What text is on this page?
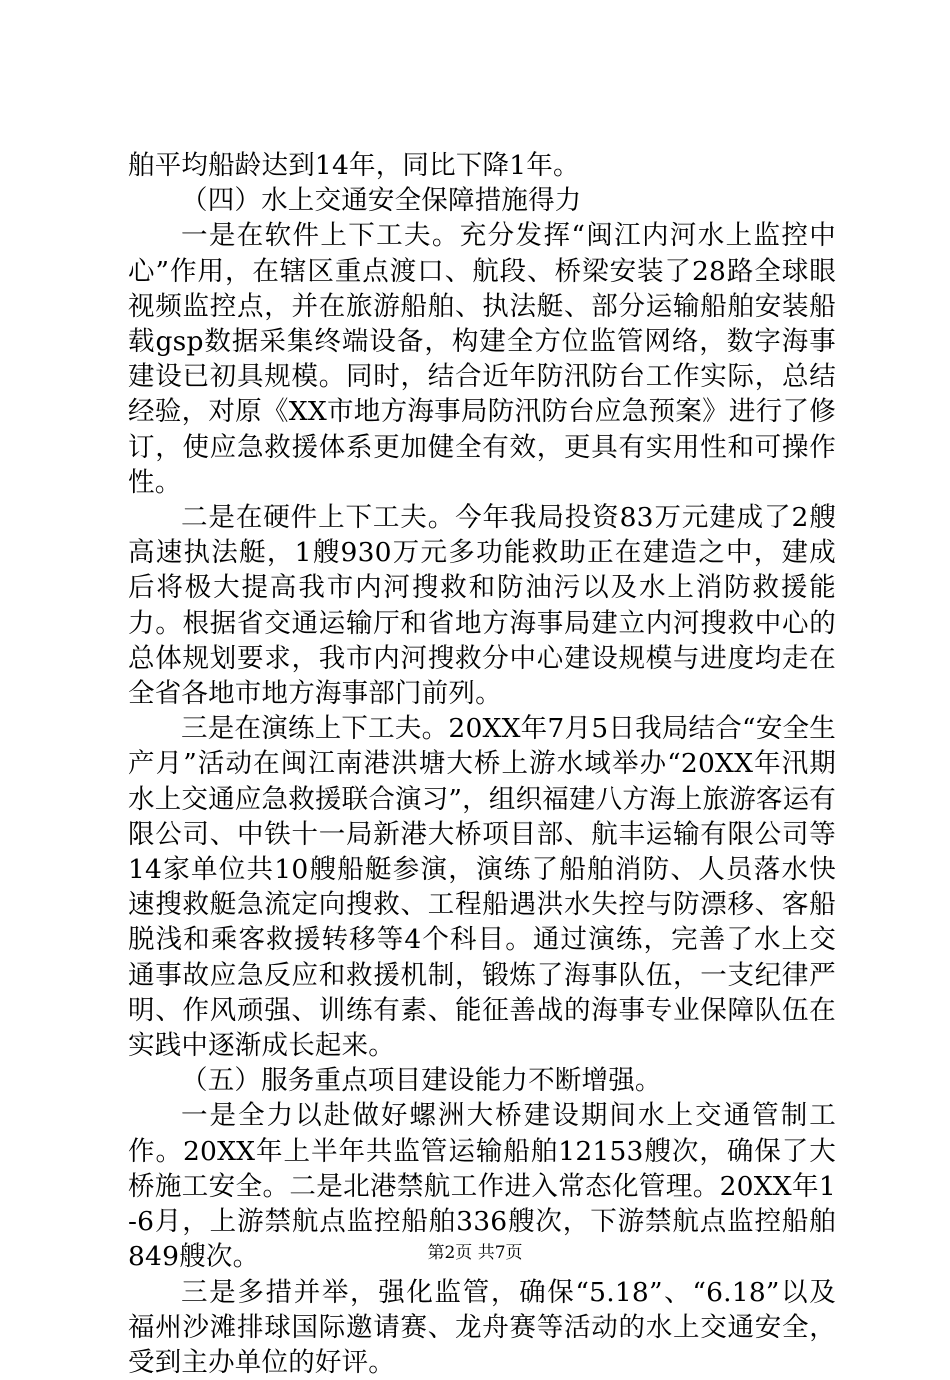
舶平均船龄达到14年，同比下降1年。

（四）水上交通安全保障措施得力

一是在软件上下工夫。充分发挥“闽江内河水上监控中心”作用，在辖区重点渡口、航段、桥梁安装了28路全球眼视频监控点，并在旅游船舶、执法艇、部分运输船舶安装船载gsp数据采集终端设备，构建全方位监管网络，数字海事建设已初具规模。同时，结合近年防汛防台工作实际，总结经验，对原《XX市地方海事局防汛防台应急预案》进行了修订，使应急救援体系更加健全有效，更具有实用性和可操作性。

二是在硬件上下工夫。今年我局投资83万元建成了2艘高速执法艇，1艘930万元多功能救助正在建造之中，建成后将极大提高我市内河搜救和防油污以及水上消防救援能力。根据省交通运输厅和省地方海事局建立内河搜救中心的总体规划要求，我市内河搜救分中心建设规模与进度均走在全省各地市地方海事部门前列。

三是在演练上下工夫。20XX年7月5日我局结合“安全生产月”活动在闽江南港洪塘大桥上游水域举办“20XX年汛期水上交通应急救援联合演习”，组织福建八方海上旅游客运有限公司、中铁十一局新港大桥项目部、航丰运输有限公司等14家单位共10艘船艇参演，演练了船舶消防、人员落水快速搜救艇急流定向搜救、工程船遇洪水失控与防漂移、客船脱浅和乘客救援转移等4个科目。通过演练，完善了水上交通事故应急反应和救援机制，锻炼了海事队伍，一支纪律严明、作风顽强、训练有素、能征善战的海事专业保障队伍在实践中逐渐成长起来。

（五）服务重点项目建设能力不断增强。

一是全力以赴做好螺洲大桥建设期间水上交通管制工作。20XX年上半年共监管运输船舶12153艘次，确保了大桥施工安全。二是北港禁航工作进入常态化管理。20XX年1-6月，上游禁航点监控船舶336艘次，下游禁航点监控船舶849艘次。

三是多措并举，强化监管，确保“5.18”、“6.18”以及福州沙滩排球国际邀请赛、龙舟赛等活动的水上交通安全，受到主办单位的好评。

第2页 共7页
